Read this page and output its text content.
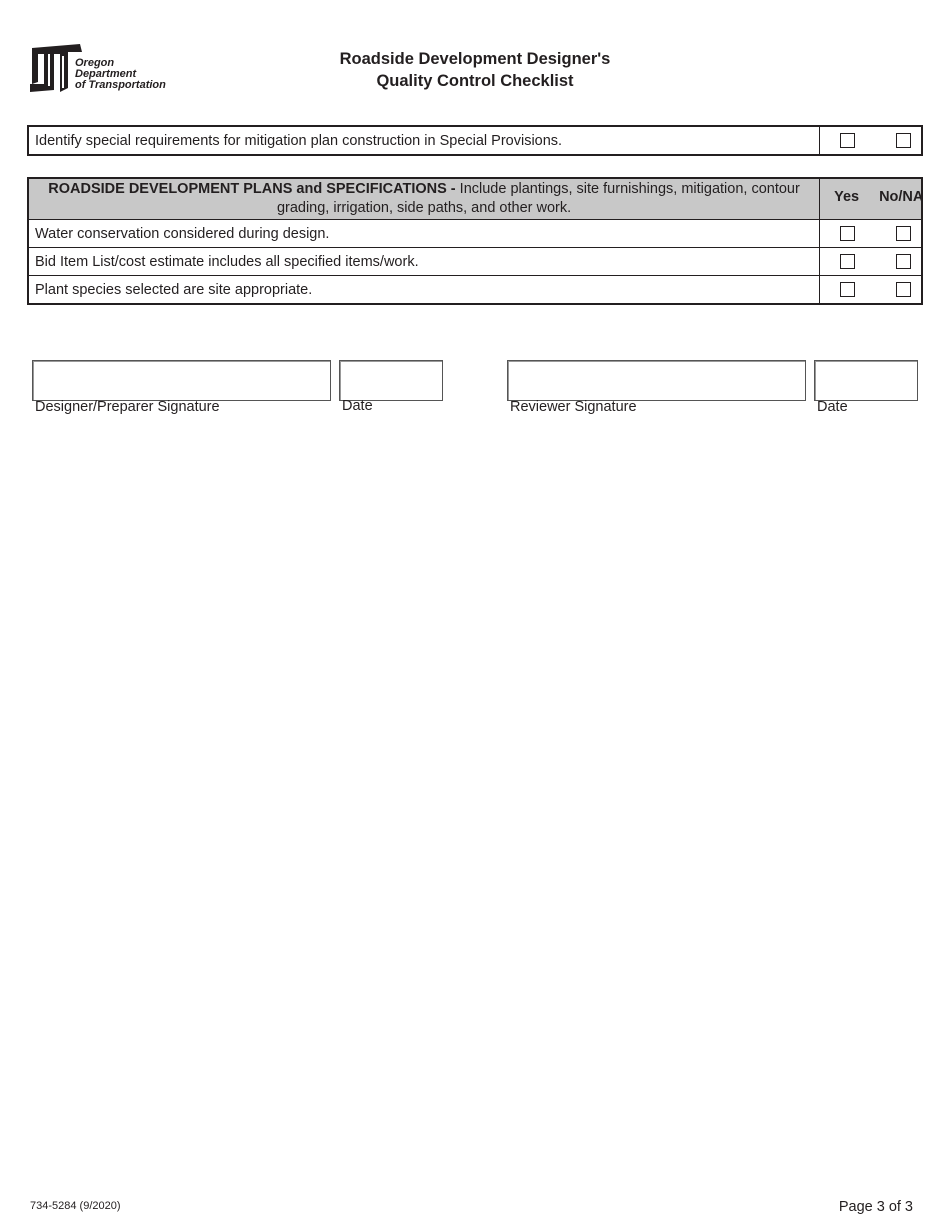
Oregon
Department
of Transportation
Roadside Development Designer's
Quality Control Checklist
Identify special requirements for mitigation plan construction in Special Provisions.	
ROADSIDE DEVELOPMENT PLANS and SPECIFICATIONS - Include plantings, site furnishings, mitigation, contour grading, irrigation, side paths, and other work.	Yes No/NA

Water conservation considered during design.	

Bid Item List/cost estimate includes all specified items/work.	

Plant species selected are site appropriate.	
Designer/Preparer Signature	Date	Reviewer Signature	Date
734-5284 (9/2020)	Page 3 of 3
